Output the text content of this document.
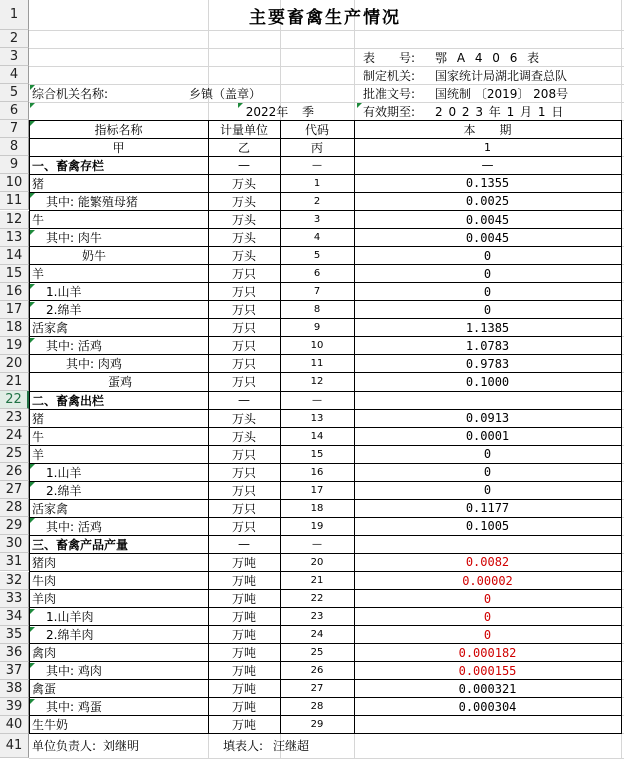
1
2
3
4
5
6
7
8
9
10
11
12
13
14
15
16
17
18
19
20
21
22
23
24
25
26
27
28
29
30
31
32
33
34
35
36
37
38
39
40
41
主要畜禽生产情况
表　　号:	鄂 A 4 0 6 表
制定机关:	国家统计局湖北调查总队
综合机关名称:	乡镇（盖章）	批准文号:	国统制 〔2019〕 208号
2022年	季	有效期至:	2 0 2 3 年 1 月 1 日
指标名称	计量单位	代码	本　　期
甲	乙	丙	1
一、畜禽存栏	—	—	—
猪	万头	1	0.1355
其中: 能繁殖母猪	万头	2	0.0025
牛	万头	3	0.0045
其中: 肉牛	万头	4	0.0045
奶牛	万头	5	0
羊	万只	6	0
1.山羊	万只	7	0
2.绵羊	万只	8	0
活家禽	万只	9	1.1385
其中: 活鸡	万只	10	1.0783
其中: 肉鸡	万只	11	0.9783
蛋鸡	万只	12	0.1000
二、畜禽出栏	—	—
猪	万头	13	0.0913
牛	万头	14	0.0001
羊	万只	15	0
1.山羊	万只	16	0
2.绵羊	万只	17	0
活家禽	万只	18	0.1177
其中: 活鸡	万只	19	0.1005
三、畜禽产品产量	—	—
猪肉	万吨	20	0.0082
牛肉	万吨	21	0.00002
羊肉	万吨	22	0
1.山羊肉	万吨	23	0
2.绵羊肉	万吨	24	0
禽肉	万吨	25	0.000182
其中: 鸡肉	万吨	26	0.000155
禽蛋	万吨	27	0.000321
其中: 鸡蛋	万吨	28	0.000304
生牛奶	万吨	29
单位负责人: 刘继明	填表人: 汪继超
